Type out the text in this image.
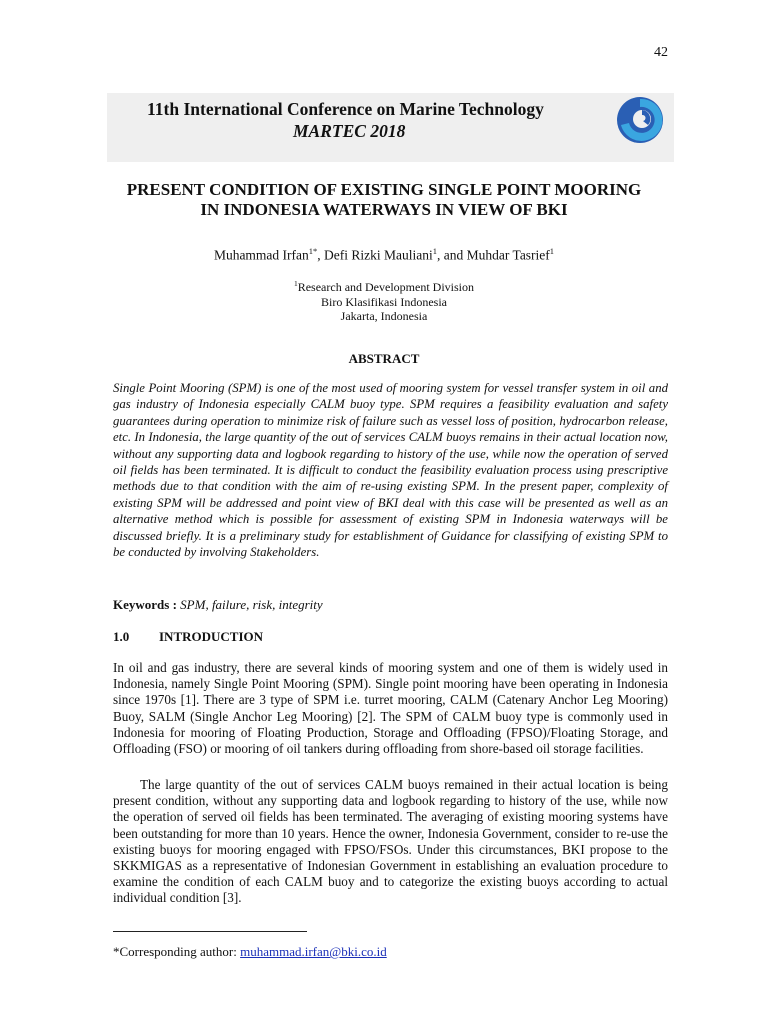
42
11th International Conference on Marine Technology
MARTEC 2018
PRESENT CONDITION OF EXISTING SINGLE POINT MOORING
IN INDONESIA WATERWAYS IN VIEW OF BKI
Muhammad Irfan$^{1*}$, Defi Rizki Mauliani$^1$, and Muhdar Tasrief$^1$
$^1$Research and Development Division
Biro Klasifikasi Indonesia
Jakarta, Indonesia
ABSTRACT

Single Point Mooring (SPM) is one of the most used of mooring system for vessel transfer system in oil and gas industry of Indonesia especially CALM buoy type. SPM requires a feasibility evaluation and safety guarantees during operation to minimize risk of failure such as vessel loss of position, hydrocarbon release, etc. In Indonesia, the large quantity of the out of services CALM buoys remains in their actual location now, without any supporting data and logbook regarding to history of the use, while now the operation of served oil fields has been terminated. It is difficult to conduct the feasibility evaluation process using prescriptive methods due to that condition with the aim of re-using existing SPM. In the present paper, complexity of existing SPM will be addressed and point view of BKI deal with this case will be presented as well as an alternative method which is possible for assessment of existing SPM in Indonesia waterways will be discussed briefly. It is a preliminary study for establishment of Guidance for classifying of existing SPM to be conducted by involving Stakeholders.

Keywords : SPM, failure, risk, integrity
1.0 INTRODUCTION

In oil and gas industry, there are several kinds of mooring system and one of them is widely used in Indonesia, namely Single Point Mooring (SPM). Single point mooring have been operating in Indonesia since 1970s [1]. There are 3 type of SPM i.e. turret mooring, CALM (Catenary Anchor Leg Mooring) Buoy, SALM (Single Anchor Leg Mooring) [2]. The SPM of CALM buoy type is commonly used in Indonesia for mooring of Floating Production, Storage and Offloading (FPSO)/Floating Storage, and Offloading (FSO) or mooring of oil tankers during offloading from shore-based oil storage facilities.

The large quantity of the out of services CALM buoys remained in their actual location is being present condition, without any supporting data and logbook regarding to history of the use, while now the operation of served oil fields has been terminated. The averaging of existing mooring systems have been outstanding for more than 10 years. Hence the owner, Indonesia Government, consider to re-use the existing buoys for mooring engaged with FPSO/FSOs. Under this circumstances, BKI propose to the SKKMIGAS as a representative of Indonesian Government in establishing an evaluation procedure to examine the condition of each CALM buoy and to categorize the existing buoys according to actual individual condition [3].

*Corresponding author: muhammad.irfan@bki.co.id
